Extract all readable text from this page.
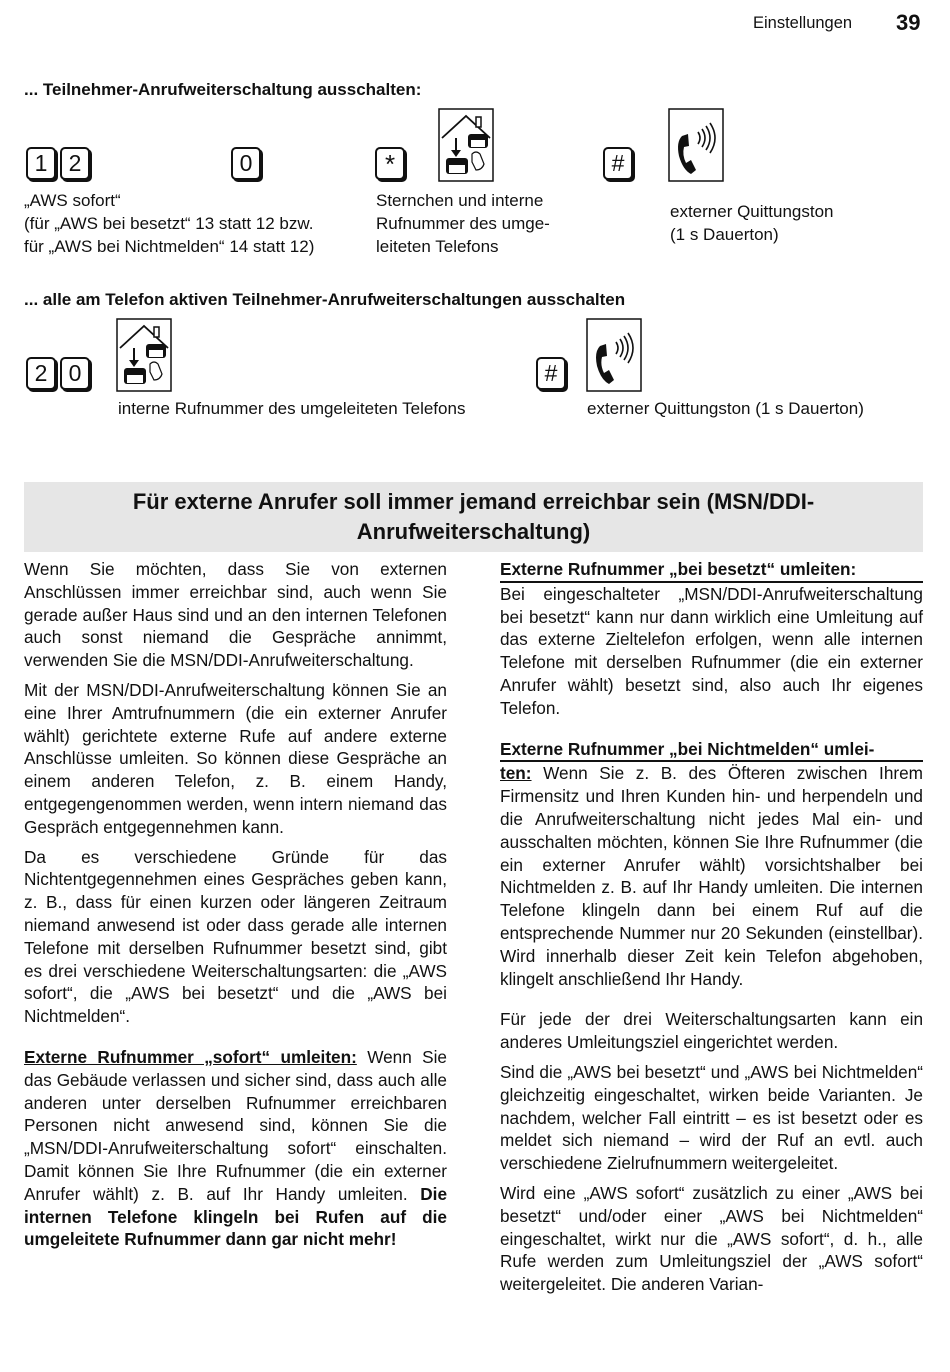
Einstellungen 39
... Teilnehmer-Anrufweiterschaltung ausschalten:
1 2	0	*	#
„AWS sofort“
(für „AWS bei besetzt“ 13 statt 12 bzw.
für „AWS bei Nichtmelden“ 14 statt 12)
Sternchen und interne
Rufnummer des umge-
leiteten Telefons
externer Quittungston
(1 s Dauerton)
... alle am Telefon aktiven Teilnehmer-Anrufweiterschaltungen ausschalten
2 0	#
interne Rufnummer des umgeleiteten Telefons	externer Quittungston (1 s Dauerton)
Für externe Anrufer soll immer jemand erreichbar sein (MSN/DDI-Anrufweiterschaltung)

Wenn Sie möchten, dass Sie von externen Anschlüssen immer erreichbar sind, auch wenn Sie gerade außer Haus sind und an den internen Telefonen auch sonst niemand die Gespräche annimmt, verwenden Sie die MSN/DDI-Anrufweiterschaltung.

Mit der MSN/DDI-Anrufweiterschaltung können Sie an eine Ihrer Amtrufnummern (die ein externer Anrufer wählt) gerichtete externe Rufe auf andere externe Anschlüsse umleiten. So können diese Gespräche an einem anderen Telefon, z. B. einem Handy, entgegengenommen werden, wenn intern niemand das Gespräch entgegennehmen kann.

Da es verschiedene Gründe für das Nichtentgegennehmen eines Gespräches geben kann, z. B., dass für einen kurzen oder längeren Zeitraum niemand anwesend ist oder dass gerade alle internen Telefone mit derselben Rufnummer besetzt sind, gibt es drei verschiedene Weiterschaltungsarten: die „AWS sofort“, die „AWS bei besetzt“ und die „AWS bei Nichtmelden“.

Externe Rufnummer „sofort“ umleiten: Wenn Sie das Gebäude verlassen und sicher sind, dass auch alle anderen unter derselben Rufnummer erreichbaren Personen nicht anwesend sind, können Sie die „MSN/DDI-Anrufweiterschaltung sofort“ einschalten. Damit können Sie Ihre Rufnummer (die ein externer Anrufer wählt) z. B. auf Ihr Handy umleiten. Die internen Telefone klingeln bei Rufen auf die umgeleitete Rufnummer dann gar nicht mehr!

Externe Rufnummer „bei besetzt“ umleiten:
Bei eingeschalteter „MSN/DDI-Anrufweiterschaltung bei besetzt“ kann nur dann wirklich eine Umleitung auf das externe Zieltelefon erfolgen, wenn alle internen Telefone mit derselben Rufnummer (die ein externer Anrufer wählt) besetzt sind, also auch Ihr eigenes Telefon.

Externe Rufnummer „bei Nichtmelden“ umlei-
ten: Wenn Sie z. B. des Öfteren zwischen Ihrem Firmensitz und Ihren Kunden hin- und herpendeln und die Anrufweiterschaltung nicht jedes Mal ein- und ausschalten möchten, können Sie Ihre Rufnummer (die ein externer Anrufer wählt) vorsichtshalber bei Nichtmelden z. B. auf Ihr Handy umleiten. Die internen Telefone klingeln dann bei einem Ruf auf die entsprechende Nummer nur 20 Sekunden (einstellbar). Wird innerhalb dieser Zeit kein Telefon abgehoben, klingelt anschließend Ihr Handy.

Für jede der drei Weiterschaltungsarten kann ein anderes Umleitungsziel eingerichtet werden.

Sind die „AWS bei besetzt“ und „AWS bei Nichtmelden“ gleichzeitig eingeschaltet, wirken beide Varianten. Je nachdem, welcher Fall eintritt – es ist besetzt oder es meldet sich niemand – wird der Ruf an evtl. auch verschiedene Zielrufnummern weitergeleitet.

Wird eine „AWS sofort“ zusätzlich zu einer „AWS bei besetzt“ und/oder einer „AWS bei Nichtmelden“ eingeschaltet, wirkt nur die „AWS sofort“, d. h., alle Rufe werden zum Umleitungsziel der „AWS sofort“ weitergeleitet. Die anderen Varian-
